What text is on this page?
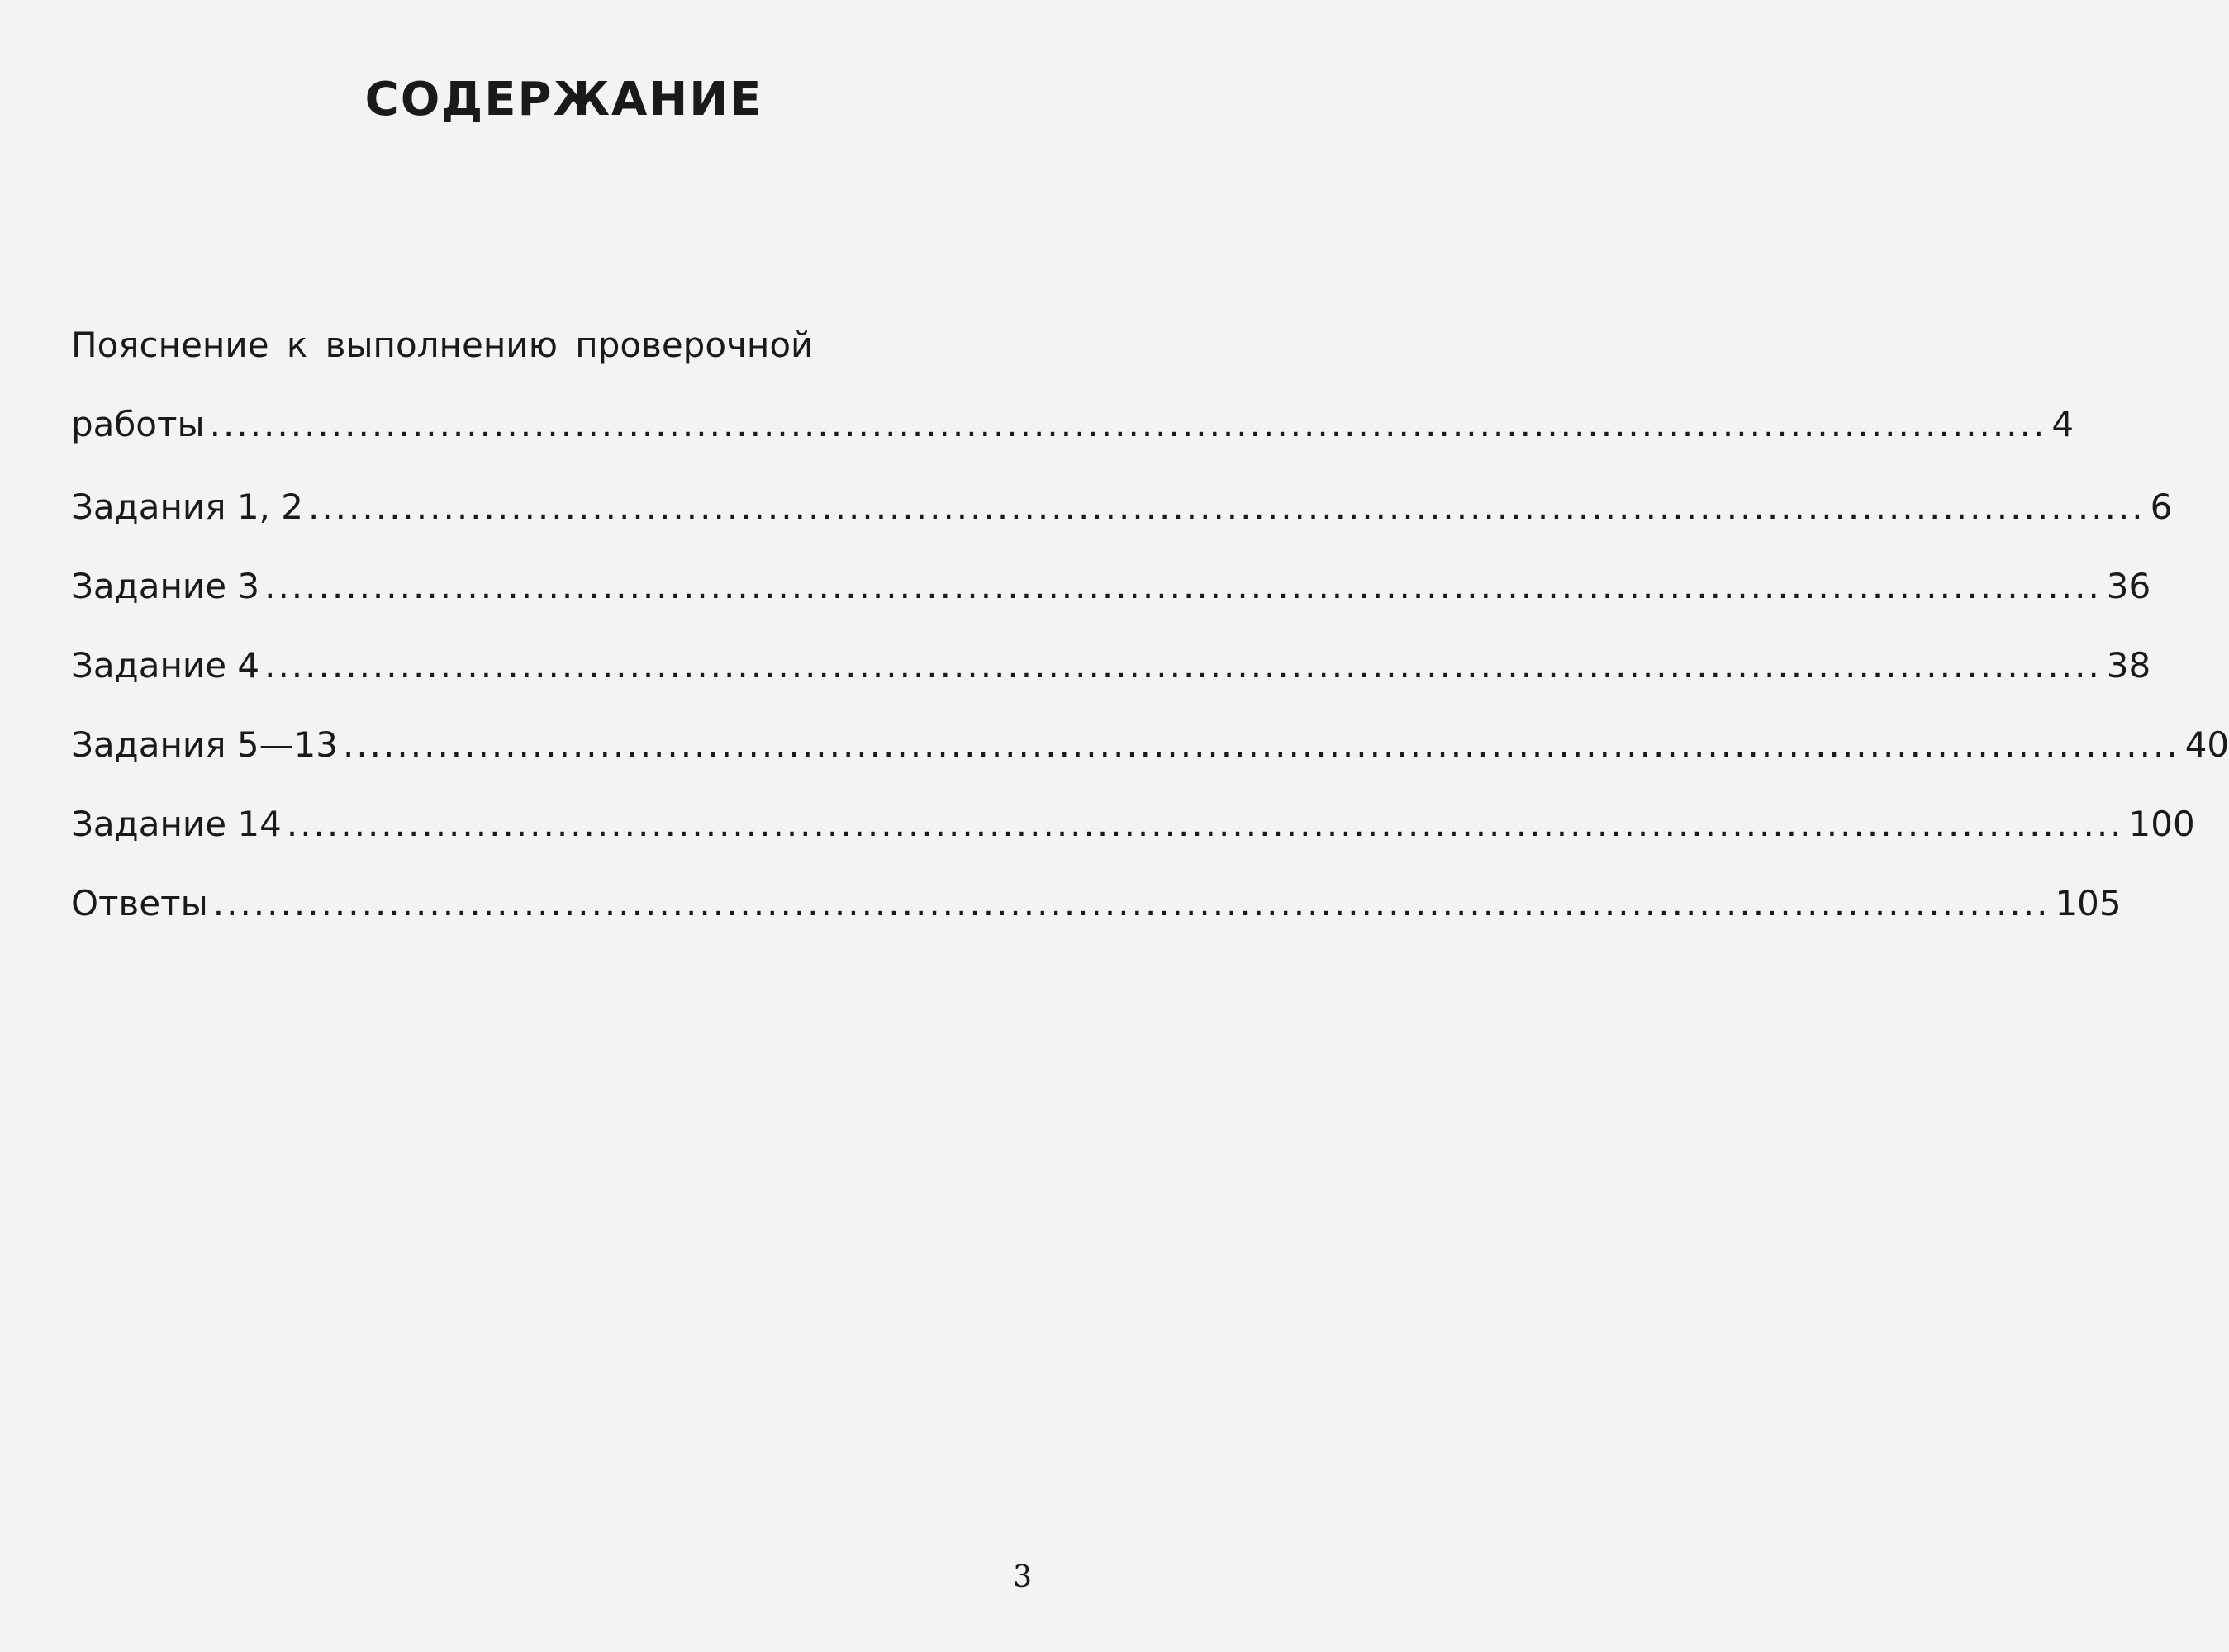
СОДЕРЖАНИЕ
Пояснение к выполнению проверочной
работы ........................................................................................................................................ 4
Задания 1, 2 ........................................................................................................................................ 6
Задание 3 ........................................................................................................................................ 36
Задание 4 ........................................................................................................................................ 38
Задания 5—13 ........................................................................................................................................ 40
Задание 14 ........................................................................................................................................ 100
Ответы ........................................................................................................................................ 105
3
